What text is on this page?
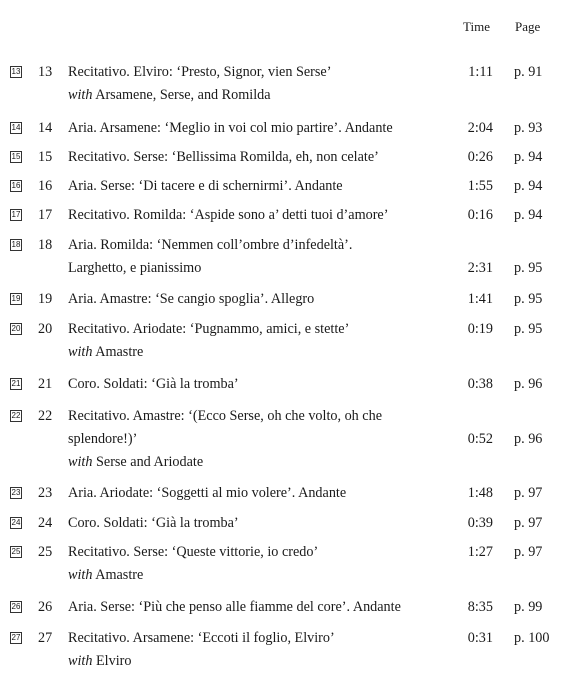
Time Page
13 13 Recitativo. Elviro: ‘Presto, Signor, vien Serse’	1:11 p. 91
with Arsamene, Serse, and Romilda
14 14 Aria. Arsamene: ‘Meglio in voi col mio partire’. Andante	2:04 p. 93
15 15 Recitativo. Serse: ‘Bellissima Romilda, eh, non celate’	0:26 p. 94
16 16 Aria. Serse: ‘Di tacere e di schernirmi’. Andante	1:55 p. 94
17 17 Recitativo. Romilda: ‘Aspide sono a’ detti tuoi d’amore’	0:16 p. 94
18 18 Aria. Romilda: ‘Nemmen coll’ombre d’infedeltà’.
Larghetto, e pianissimo	2:31 p. 95
19 19 Aria. Amastre: ‘Se cangio spoglia’. Allegro	1:41 p. 95
20 20 Recitativo. Ariodate: ‘Pugnammo, amici, e stette’	0:19 p. 95
with Amastre
21 21 Coro. Soldati: ‘Già la tromba’	0:38 p. 96
22 22 Recitativo. Amastre: ‘(Ecco Serse, oh che volto, oh che
splendore!)’	0:52 p. 96
with Serse and Ariodate
23 23 Aria. Ariodate: ‘Soggetti al mio volere’. Andante	1:48 p. 97
24 24 Coro. Soldati: ‘Già la tromba’	0:39 p. 97
25 25 Recitativo. Serse: ‘Queste vittorie, io credo’	1:27 p. 97
with Amastre
26 26 Aria. Serse: ‘Più che penso alle fiamme del core’. Andante	8:35 p. 99
27 27 Recitativo. Arsamene: ‘Eccoti il foglio, Elviro’	0:31 p. 100
with Elviro
